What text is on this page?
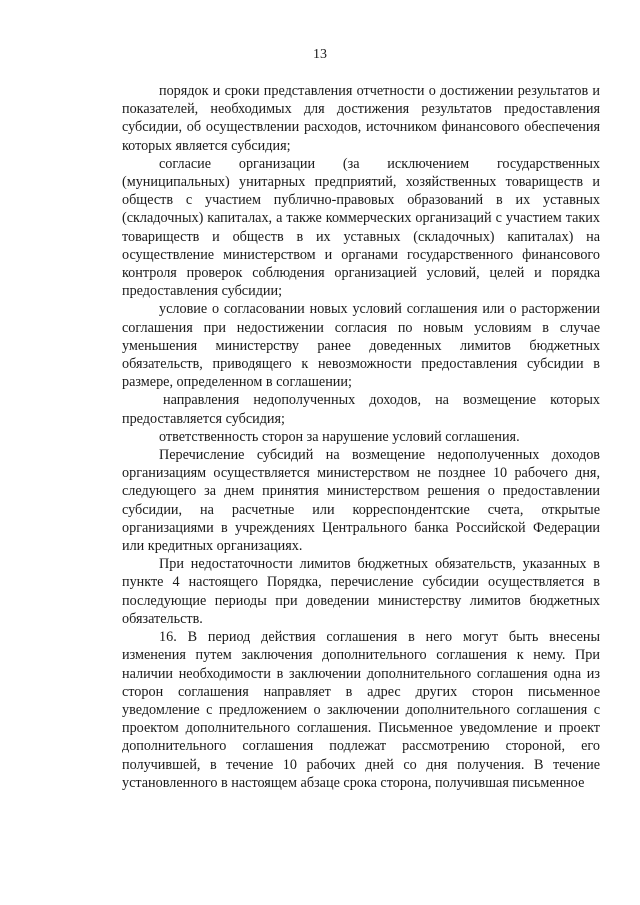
13

порядок и сроки представления отчетности о достижении результатов и показателей, необходимых для достижения результатов предоставления субсидии, об осуществлении расходов, источником финансового обеспечения которых является субсидия;

согласие организации (за исключением государственных (муниципальных) унитарных предприятий, хозяйственных товариществ и обществ с участием публично-правовых образований в их уставных (складочных) капиталах, а также коммерческих организаций с участием таких товариществ и обществ в их уставных (складочных) капиталах) на осуществление министерством и органами государственного финансового контроля проверок соблюдения организацией условий, целей и порядка предоставления субсидии;

условие о согласовании новых условий соглашения или о расторжении соглашения при недостижении согласия по новым условиям в случае уменьшения министерству ранее доведенных лимитов бюджетных обязательств, приводящего к невозможности предоставления субсидии в размере, определенном в соглашении;

направления недополученных доходов, на возмещение которых предоставляется субсидия;

ответственность сторон за нарушение условий соглашения.

Перечисление субсидий на возмещение недополученных доходов организациям осуществляется министерством не позднее 10 рабочего дня, следующего за днем принятия министерством решения о предоставлении субсидии, на расчетные или корреспондентские счета, открытые организациями в учреждениях Центрального банка Российской Федерации или кредитных организациях.

При недостаточности лимитов бюджетных обязательств, указанных в пункте 4 настоящего Порядка, перечисление субсидии осуществляется в последующие периоды при доведении министерству лимитов бюджетных обязательств.

16. В период действия соглашения в него могут быть внесены изменения путем заключения дополнительного соглашения к нему. При наличии необходимости в заключении дополнительного соглашения одна из сторон соглашения направляет в адрес других сторон письменное уведомление с предложением о заключении дополнительного соглашения с проектом дополнительного соглашения. Письменное уведомление и проект дополнительного соглашения подлежат рассмотрению стороной, его получившей, в течение 10 рабочих дней со дня получения. В течение установленного в настоящем абзаце срока сторона, получившая письменное
